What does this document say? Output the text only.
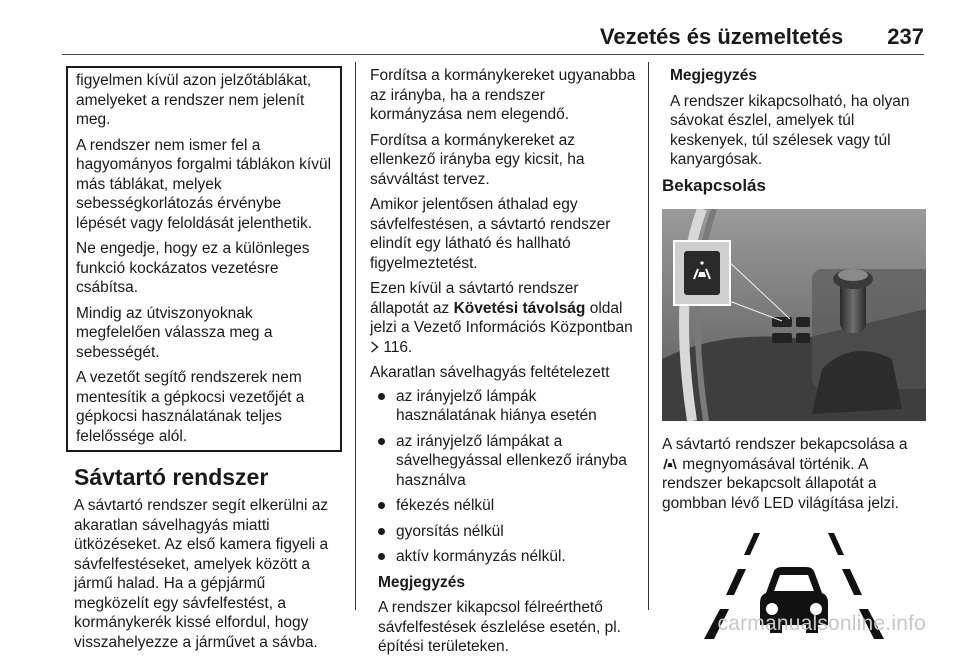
Vezetés és üzemeltetés 237

figyelmen kívül azon jelzőtáblákat, amelyeket a rendszer nem jelenít meg.

A rendszer nem ismer fel a hagyományos forgalmi táblákon kívül más táblákat, melyek sebességkorlátozás érvénybe lépését vagy feloldását jelenthetik.

Ne engedje, hogy ez a különleges funkció kockázatos vezetésre csábítsa.

Mindig az útviszonyoknak megfelelően válassza meg a sebességét.

A vezetőt segítő rendszerek nem mentesítik a gépkocsi vezetőjét a gépkocsi használatának teljes felelőssége alól.

Sávtartó rendszer

A sávtartó rendszer segít elkerülni az akaratlan sávelhagyás miatti ütközéseket. Az első kamera figyeli a sávfelfestéseket, amelyek között a jármű halad. Ha a gépjármű megközelít egy sávfelfestést, a kormánykerék kissé elfordul, hogy visszahelyezze a járművet a sávba.

Fordítsa a kormánykereket ugyanabba az irányba, ha a rendszer kormányzása nem elegendő.

Fordítsa a kormánykereket az ellenkező irányba egy kicsit, ha sávváltást tervez.

Amikor jelentősen áthalad egy sávfelfestésen, a sávtartó rendszer elindít egy látható és hallható figyelmeztetést.

Ezen kívül a sávtartó rendszer állapotát az Követési távolság oldal jelzi a Vezető Információs Központban  116.

Akaratlan sávelhagyás feltételezett

az irányjelző lámpák használatának hiánya esetén
az irányjelző lámpákat a sávelhegyással ellenkező irányba használva
fékezés nélkül
gyorsítás nélkül
aktív kormányzás nélkül.

Megjegyzés

A rendszer kikapcsol félreérthető sávfelfestések észlelése esetén, pl. építési területeken.

Megjegyzés

A rendszer kikapcsolható, ha olyan sávokat észlel, amelyek túl keskenyek, túl szélesek vagy túl kanyargósak.

Bekapcsolás

A sávtartó rendszer bekapcsolása a
megnyomásával történik. A rendszer bekapcsolt állapotát a gombban lévő LED világítása jelzi.

carmanualsonline.info
